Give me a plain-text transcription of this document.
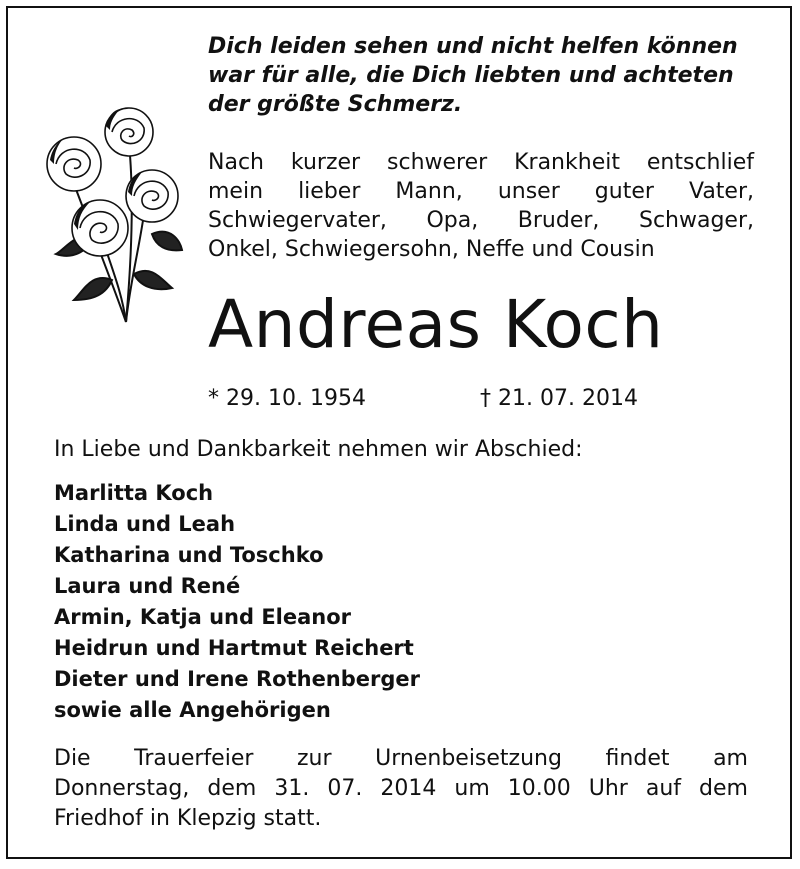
Dich leiden sehen und nicht helfen können
war für alle, die Dich liebten und achteten
der größte Schmerz.
Nach kurzer schwerer Krankheit entschlief
mein lieber Mann, unser guter Vater,
Schwiegervater, Opa, Bruder, Schwager,
Onkel, Schwiegersohn, Neffe und Cousin
Andreas Koch
* 29. 10. 1954	† 21. 07. 2014
In Liebe und Dankbarkeit nehmen wir Abschied:
Marlitta Koch
Linda und Leah
Katharina und Toschko
Laura und René
Armin, Katja und Eleanor
Heidrun und Hartmut Reichert
Dieter und Irene Rothenberger
sowie alle Angehörigen
Die Trauerfeier zur Urnenbeisetzung findet am
Donnerstag, dem 31. 07. 2014 um 10.00 Uhr auf dem
Friedhof in Klepzig statt.
